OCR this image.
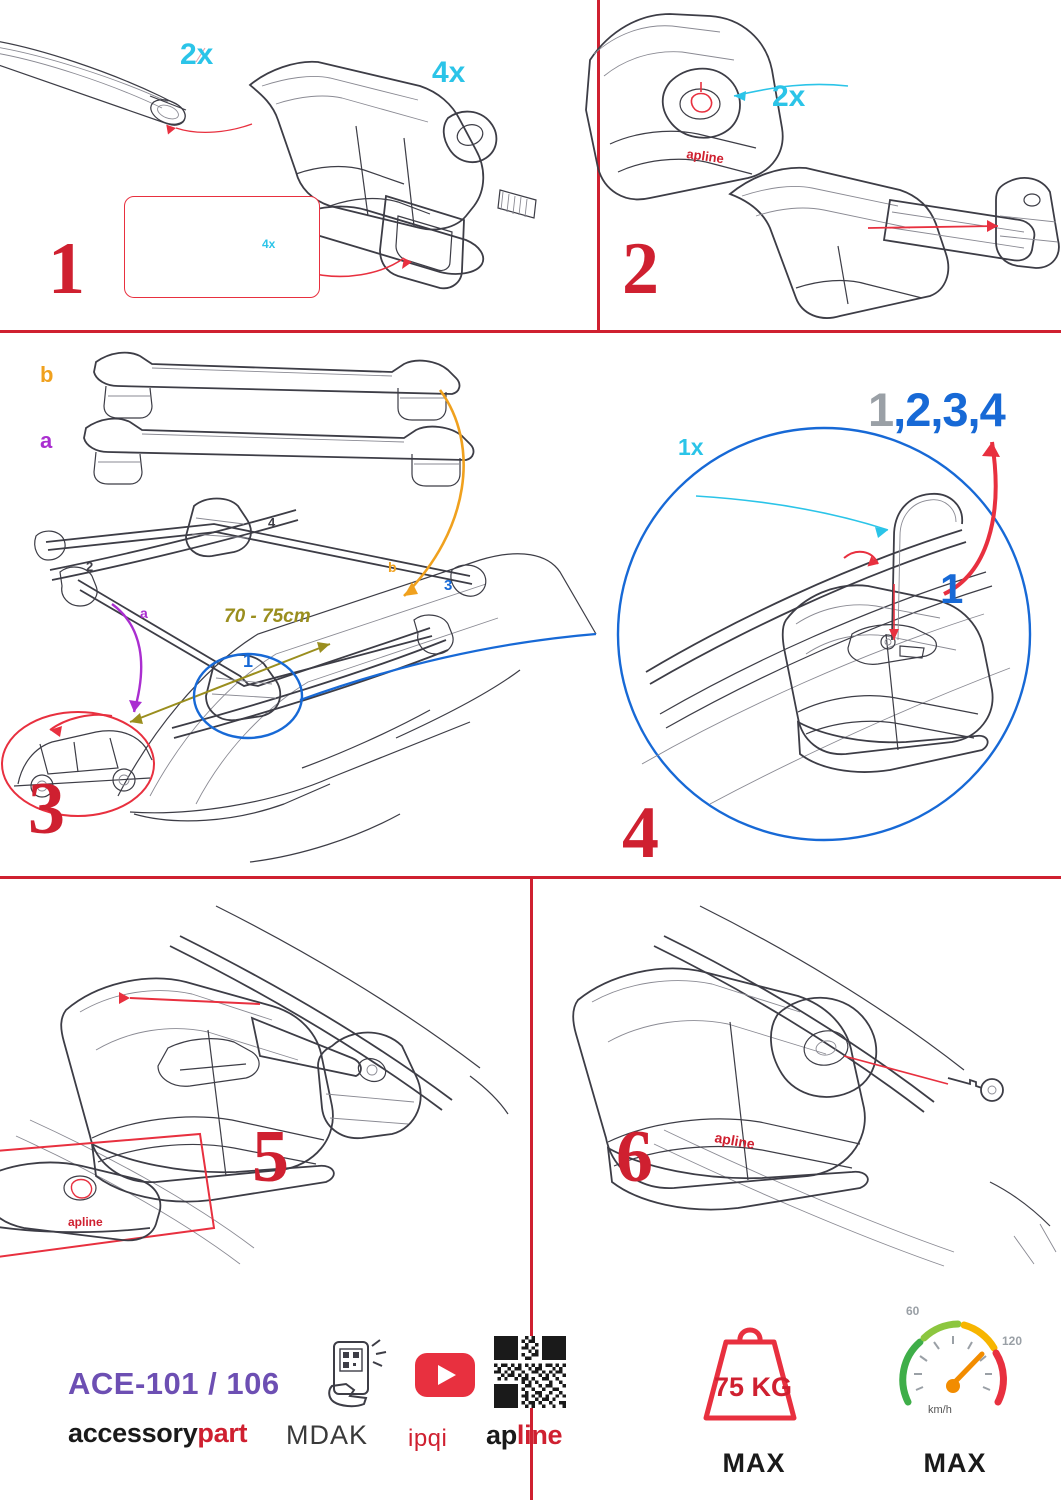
2x
4x
4x
1
apline
2x
2
b
a
a
b
70 - 75cm
1
2
3
4
3
1x
1,2,3,4
1
4
apline
5	apline
6
ACE-101 / 106
accessorypart MDAK ipqi apline
75 KG
MAX
60
120
km/h
MAX
